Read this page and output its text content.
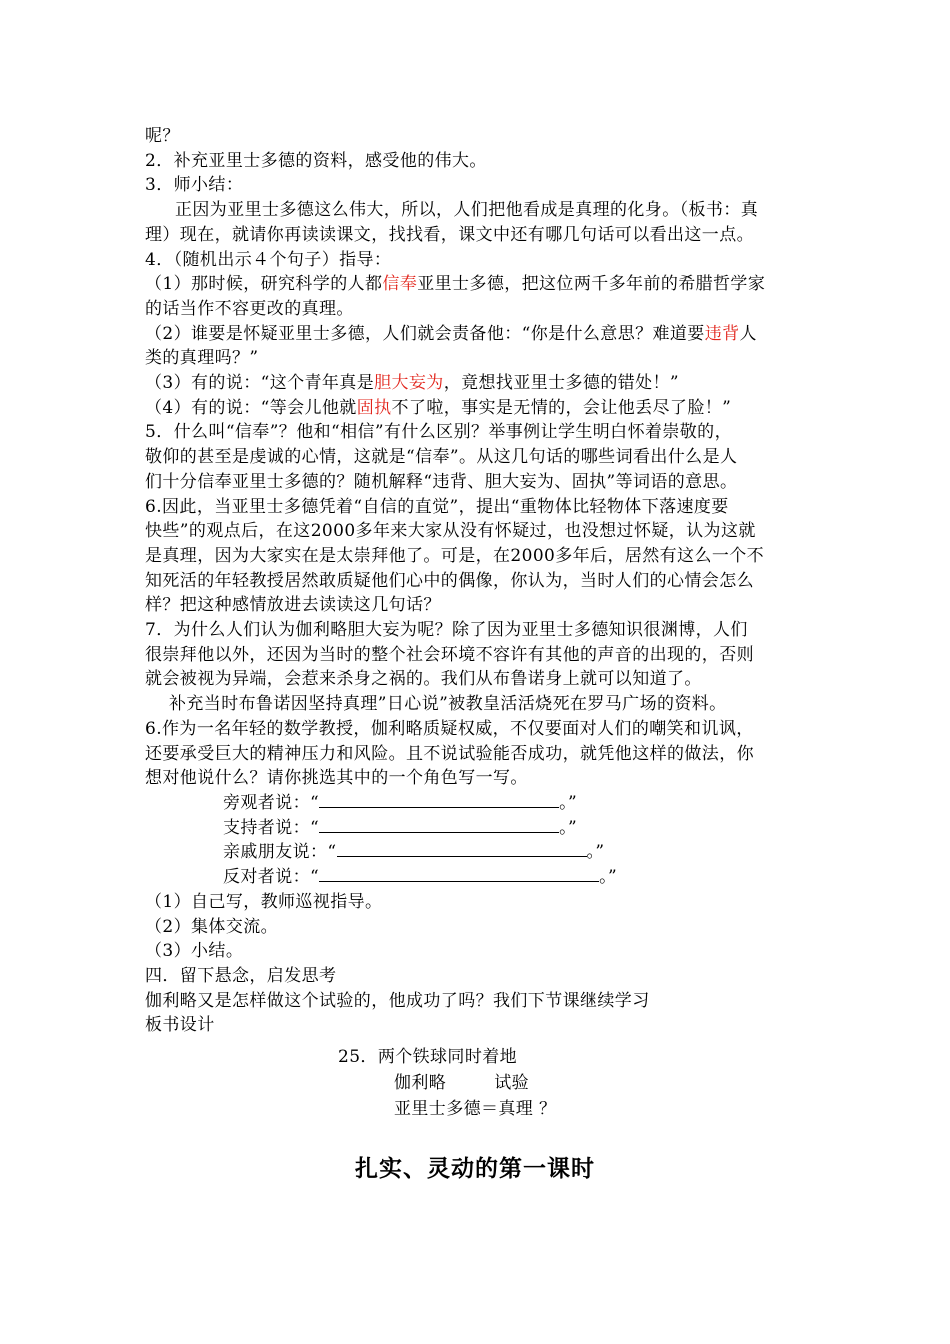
呢？
2．补充亚里士多德的资料，感受他的伟大。
3．师小结：
正因为亚里士多德这么伟大，所以，人们把他看成是真理的化身。（板书：真
理）现在，就请你再读读课文，找找看，课文中还有哪几句话可以看出这一点。
4．（随机出示４个句子）指导：
（1）那时候，研究科学的人都信奉亚里士多德，把这位两千多年前的希腊哲学家
的话当作不容更改的真理。
（2）谁要是怀疑亚里士多德，人们就会责备他：“你是什么意思？难道要违背人
类的真理吗？”
（3）有的说：“这个青年真是胆大妄为，竟想找亚里士多德的错处！”
（4）有的说：“等会儿他就固执不了啦，事实是无情的，会让他丢尽了脸！”
5．什么叫“信奉”？他和“相信”有什么区别？举事例让学生明白怀着崇敬的，
敬仰的甚至是虔诚的心情，这就是“信奉”。从这几句话的哪些词看出什么是人
们十分信奉亚里士多德的？随机解释“违背、胆大妄为、固执”等词语的意思。
6.因此，当亚里士多德凭着“自信的直觉”，提出“重物体比轻物体下落速度要
快些”的观点后，在这2000多年来大家从没有怀疑过，也没想过怀疑，认为这就
是真理，因为大家实在是太崇拜他了。可是，在2000多年后，居然有这么一个不
知死活的年轻教授居然敢质疑他们心中的偶像，你认为，当时人们的心情会怎么
样？把这种感情放进去读读这几句话？
7．为什么人们认为伽利略胆大妄为呢？除了因为亚里士多德知识很渊博，人们
很崇拜他以外，还因为当时的整个社会环境不容许有其他的声音的出现的，否则
就会被视为异端，会惹来杀身之祸的。我们从布鲁诺身上就可以知道了。
补充当时布鲁诺因坚持真理”日心说”被教皇活活烧死在罗马广场的资料。
6.作为一名年轻的数学教授，伽利略质疑权威，不仅要面对人们的嘲笑和讥讽，
还要承受巨大的精神压力和风险。且不说试验能否成功，就凭他这样的做法，你
想对他说什么？请你挑选其中的一个角色写一写。
旁观者说：“	。”
支持者说：“	。”
亲戚朋友说：“	。”
反对者说：“	。”
（1）自己写，教师巡视指导。
（2）集体交流。
（3）小结。
四．留下悬念，启发思考
伽利略又是怎样做这个试验的，他成功了吗？我们下节课继续学习
板书设计
25．两个铁球同时着地
伽利略	试验
亚里士多德＝真理 ？
扎实、灵动的第一课时
